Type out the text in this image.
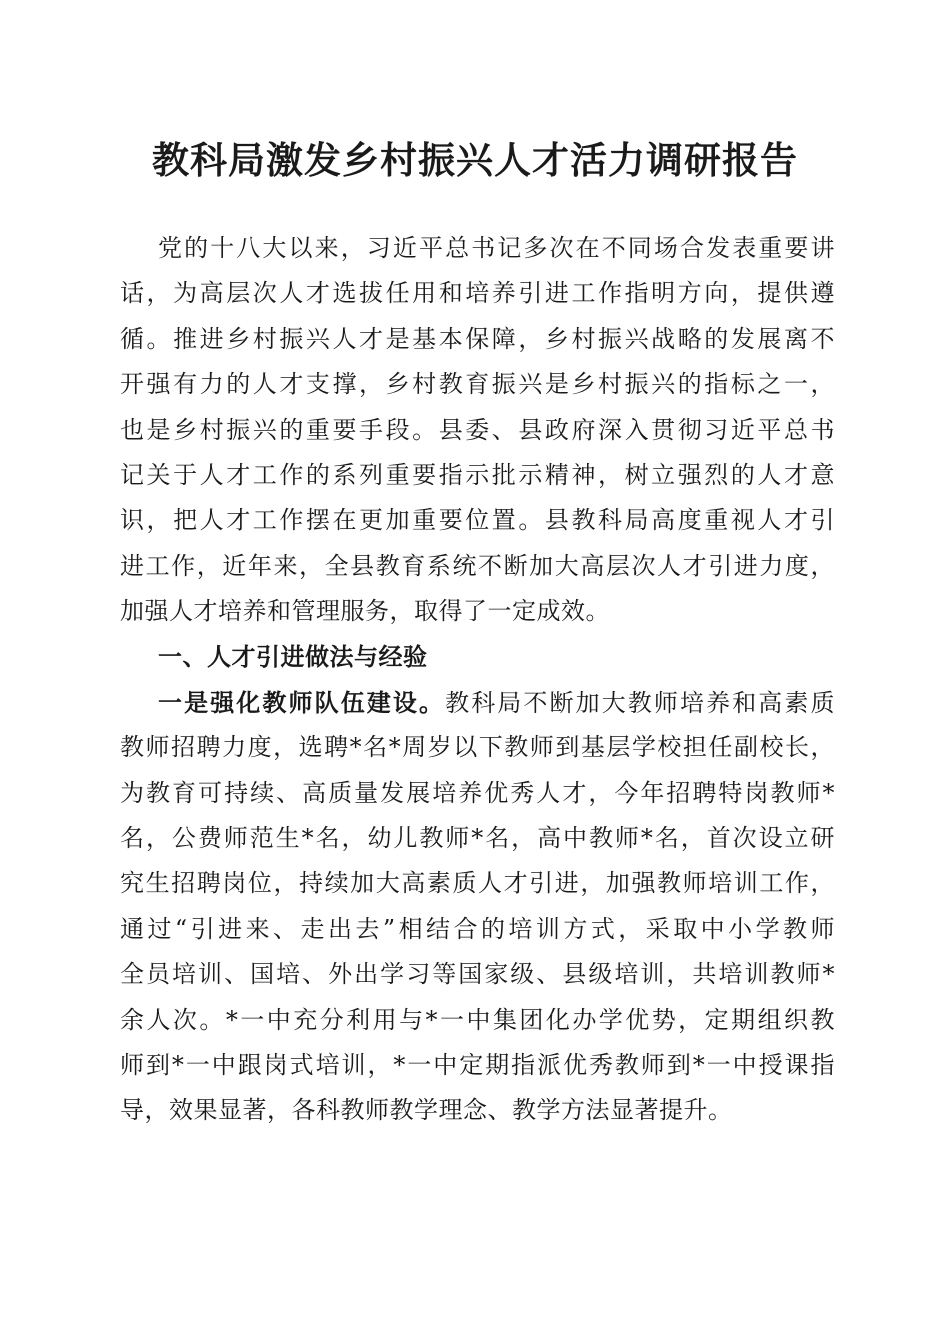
教科局激发乡村振兴人才活力调研报告
党的十八大以来，习近平总书记多次在不同场合发表重要讲
话，为高层次人才选拔任用和培养引进工作指明方向，提供遵
循。推进乡村振兴人才是基本保障，乡村振兴战略的发展离不
开强有力的人才支撑，乡村教育振兴是乡村振兴的指标之一，
也是乡村振兴的重要手段。县委、县政府深入贯彻习近平总书
记关于人才工作的系列重要指示批示精神，树立强烈的人才意
识，把人才工作摆在更加重要位置。县教科局高度重视人才引
进工作，近年来，全县教育系统不断加大高层次人才引进力度，
加强人才培养和管理服务，取得了一定成效。
一、人才引进做法与经验
一是强化教师队伍建设。教科局不断加大教师培养和高素质
教师招聘力度，选聘*名*周岁以下教师到基层学校担任副校长，
为教育可持续、高质量发展培养优秀人才，今年招聘特岗教师*
名，公费师范生*名，幼儿教师*名，高中教师*名，首次设立研
究生招聘岗位，持续加大高素质人才引进，加强教师培训工作，
通过“引进来、走出去”相结合的培训方式，采取中小学教师
全员培训、国培、外出学习等国家级、县级培训，共培训教师*
余人次。*一中充分利用与*一中集团化办学优势，定期组织教
师到*一中跟岗式培训，*一中定期指派优秀教师到*一中授课指
导，效果显著，各科教师教学理念、教学方法显著提升。
